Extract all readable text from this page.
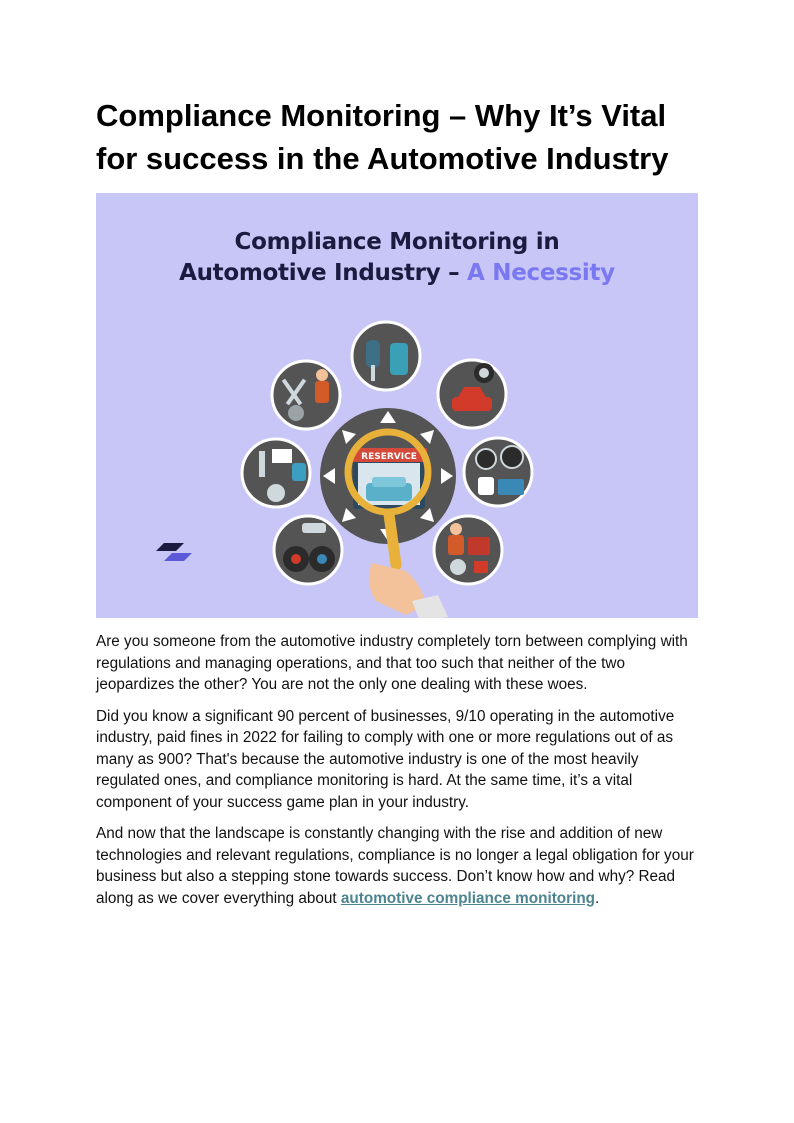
Compliance Monitoring – Why It’s Vital for success in the Automotive Industry
RESERVICE
Compliance Monitoring in
Automotive Industry – A Necessity

Are you someone from the automotive industry completely torn between complying with regulations and managing operations, and that too such that neither of the two jeopardizes the other? You are not the only one dealing with these woes.

Did you know a significant 90 percent of businesses, 9/10 operating in the automotive industry, paid fines in 2022 for failing to comply with one or more regulations out of as many as 900? That's because the automotive industry is one of the most heavily regulated ones, and compliance monitoring is hard. At the same time, it’s a vital component of your success game plan in your industry.

And now that the landscape is constantly changing with the rise and addition of new technologies and relevant regulations, compliance is no longer a legal obligation for your business but also a stepping stone towards success. Don’t know how and why? Read along as we cover everything about automotive compliance monitoring.
